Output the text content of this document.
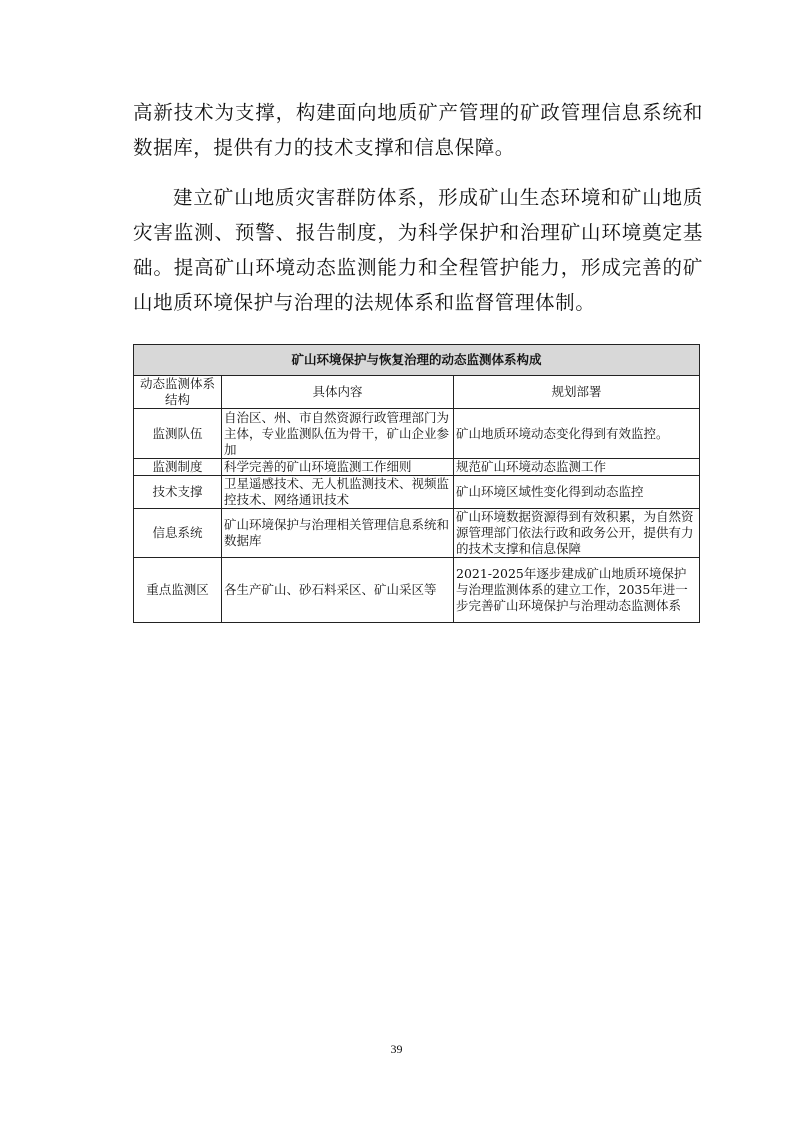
高新技术为支撑，构建面向地质矿产管理的矿政管理信息系统和数据库，提供有力的技术支撑和信息保障。

建立矿山地质灾害群防体系，形成矿山生态环境和矿山地质灾害监测、预警、报告制度，为科学保护和治理矿山环境奠定基础。提高矿山环境动态监测能力和全程管护能力，形成完善的矿山地质环境保护与治理的法规体系和监督管理体制。

矿山环境保护与恢复治理的动态监测体系构成		
动态监测体系结构	具体内容	规划部署
监测队伍	自治区、州、市自然资源行政管理部门为主体，专业监测队伍为骨干，矿山企业参加	矿山地质环境动态变化得到有效监控。
监测制度	科学完善的矿山环境监测工作细则	规范矿山环境动态监测工作
技术支撑	卫星遥感技术、无人机监测技术、视频监控技术、网络通讯技术	矿山环境区域性变化得到动态监控
信息系统	矿山环境保护与治理相关管理信息系统和数据库	矿山环境数据资源得到有效积累，为自然资源管理部门依法行政和政务公开，提供有力的技术支撑和信息保障
重点监测区	各生产矿山、砂石料采区、矿山采区等	2021-2025年逐步建成矿山地质环境保护与治理监测体系的建立工作，2035年进一步完善矿山环境保护与治理动态监测体系
39
